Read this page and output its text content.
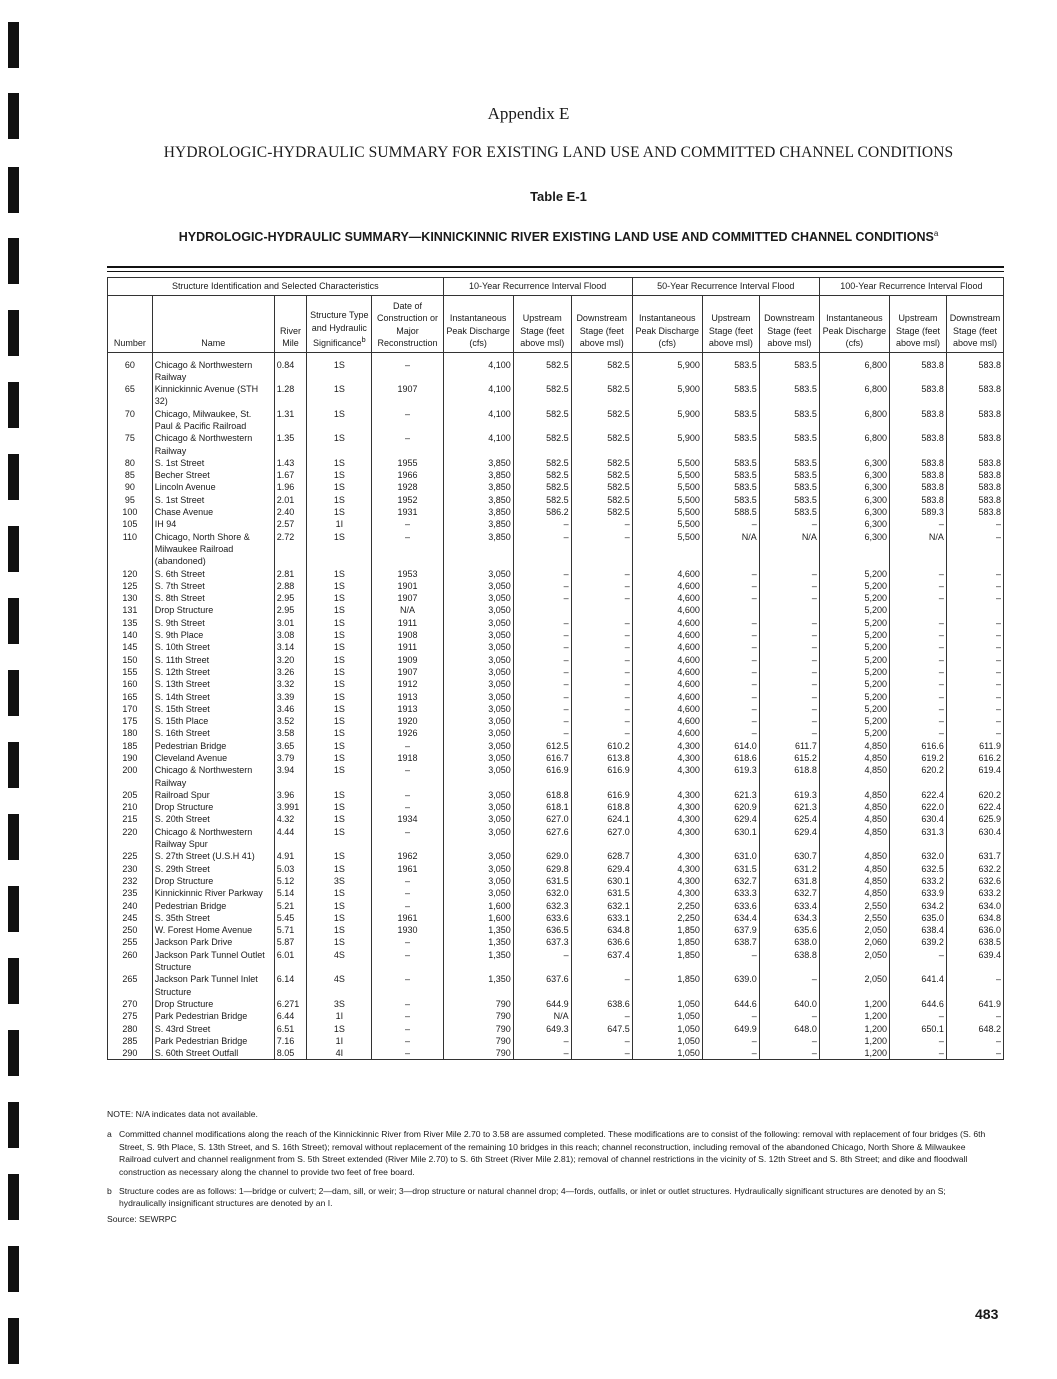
Appendix E
HYDROLOGIC-HYDRAULIC SUMMARY FOR EXISTING LAND USE AND COMMITTED CHANNEL CONDITIONS
Table E-1
HYDROLOGIC-HYDRAULIC SUMMARY—KINNICKINNIC RIVER EXISTING LAND USE AND COMMITTED CHANNEL CONDITIONS$^a$
Structure Identification and Selected Characteristics					10-Year Recurrence Interval Flood			50-Year Recurrence Interval Flood			100-Year Recurrence Interval Flood		
Number	Name	River Mile	Structure Type and Hydraulic Significance$^b$	Date of Construction or Major Reconstruction	Instantaneous Peak Discharge (cfs)	Upstream Stage (feet above msl)	Downstream Stage (feet above msl)	Instantaneous Peak Discharge (cfs)	Upstream Stage (feet above msl)	Downstream Stage (feet above msl)	Instantaneous Peak Discharge (cfs)	Upstream Stage (feet above msl)	Downstream Stage (feet above msl)
60	Chicago & Northwestern Railway	0.84	1S	–	4,100	582.5	582.5	5,900	583.5	583.5	6,800	583.8	583.8
65	Kinnickinnic Avenue (STH 32)	1.28	1S	1907	4,100	582.5	582.5	5,900	583.5	583.5	6,800	583.8	583.8
70	Chicago, Milwaukee, St. Paul & Pacific Railroad	1.31	1S	–	4,100	582.5	582.5	5,900	583.5	583.5	6,800	583.8	583.8
75	Chicago & Northwestern Railway	1.35	1S	–	4,100	582.5	582.5	5,900	583.5	583.5	6,800	583.8	583.8
80	S. 1st Street	1.43	1S	1955	3,850	582.5	582.5	5,500	583.5	583.5	6,300	583.8	583.8
85	Becher Street	1.67	1S	1966	3,850	582.5	582.5	5,500	583.5	583.5	6,300	583.8	583.8
90	Lincoln Avenue	1.96	1S	1928	3,850	582.5	582.5	5,500	583.5	583.5	6,300	583.8	583.8
95	S. 1st Street	2.01	1S	1952	3,850	582.5	582.5	5,500	583.5	583.5	6,300	583.8	583.8
100	Chase Avenue	2.40	1S	1931	3,850	586.2	582.5	5,500	588.5	583.5	6,300	589.3	583.8
105	IH 94	2.57	1I	–	3,850	–	–	5,500	–	–	6,300	–	–
110	Chicago, North Shore & Milwaukee Railroad (abandoned)	2.72	1S	–	3,850	–	–	5,500	N/A	N/A	6,300	N/A	–
120	S. 6th Street	2.81	1S	1953	3,050	–	–	4,600	–	–	5,200	–	–
125	S. 7th Street	2.88	1S	1901	3,050	–	–	4,600	–	–	5,200	–	–
130	S. 8th Street	2.95	1S	1907	3,050	–	–	4,600	–	–	5,200	–	–
131	Drop Structure	2.95	1S	N/A	3,050			4,600			5,200		
135	S. 9th Street	3.01	1S	1911	3,050	–	–	4,600	–	–	5,200	–	–
140	S. 9th Place	3.08	1S	1908	3,050	–	–	4,600	–	–	5,200	–	–
145	S. 10th Street	3.14	1S	1911	3,050	–	–	4,600	–	–	5,200	–	–
150	S. 11th Street	3.20	1S	1909	3,050	–	–	4,600	–	–	5,200	–	–
155	S. 12th Street	3.26	1S	1907	3,050	–	–	4,600	–	–	5,200	–	–
160	S. 13th Street	3.32	1S	1912	3,050	–	–	4,600	–	–	5,200	–	–
165	S. 14th Street	3.39	1S	1913	3,050	–	–	4,600	–	–	5,200	–	–
170	S. 15th Street	3.46	1S	1913	3,050	–	–	4,600	–	–	5,200	–	–
175	S. 15th Place	3.52	1S	1920	3,050	–	–	4,600	–	–	5,200	–	–
180	S. 16th Street	3.58	1S	1926	3,050	–	–	4,600	–	–	5,200	–	–
185	Pedestrian Bridge	3.65	1S	–	3,050	612.5	610.2	4,300	614.0	611.7	4,850	616.6	611.9
190	Cleveland Avenue	3.79	1S	1918	3,050	616.7	613.8	4,300	618.6	615.2	4,850	619.2	616.2
200	Chicago & Northwestern Railway	3.94	1S	–	3,050	616.9	616.9	4,300	619.3	618.8	4,850	620.2	619.4
205	Railroad Spur	3.96	1S	–	3,050	618.8	616.9	4,300	621.3	619.3	4,850	622.4	620.2
210	Drop Structure	3.991	1S	–	3,050	618.1	618.8	4,300	620.9	621.3	4,850	622.0	622.4
215	S. 20th Street	4.32	1S	1934	3,050	627.0	624.1	4,300	629.4	625.4	4,850	630.4	625.9
220	Chicago & Northwestern Railway Spur	4.44	1S	–	3,050	627.6	627.0	4,300	630.1	629.4	4,850	631.3	630.4
225	S. 27th Street (U.S.H 41)	4.91	1S	1962	3,050	629.0	628.7	4,300	631.0	630.7	4,850	632.0	631.7
230	S. 29th Street	5.03	1S	1961	3,050	629.8	629.4	4,300	631.5	631.2	4,850	632.5	632.2
232	Drop Structure	5.12	3S	–	3,050	631.5	630.1	4,300	632.7	631.8	4,850	633.2	632.6
235	Kinnickinnic River Parkway	5.14	1S	–	3,050	632.0	631.5	4,300	633.3	632.7	4,850	633.9	633.2
240	Pedestrian Bridge	5.21	1S	–	1,600	632.3	632.1	2,250	633.6	633.4	2,550	634.2	634.0
245	S. 35th Street	5.45	1S	1961	1,600	633.6	633.1	2,250	634.4	634.3	2,550	635.0	634.8
250	W. Forest Home Avenue	5.71	1S	1930	1,350	636.5	634.8	1,850	637.9	635.6	2,050	638.4	636.0
255	Jackson Park Drive	5.87	1S	–	1,350	637.3	636.6	1,850	638.7	638.0	2,060	639.2	638.5
260	Jackson Park Tunnel Outlet Structure	6.01	4S	–	1,350	–	637.4	1,850	–	638.8	2,050	–	639.4
265	Jackson Park Tunnel Inlet Structure	6.14	4S	–	1,350	637.6	–	1,850	639.0	–	2,050	641.4	–
270	Drop Structure	6.271	3S	–	790	644.9	638.6	1,050	644.6	640.0	1,200	644.6	641.9
275	Park Pedestrian Bridge	6.44	1I	–	790	N/A	–	1,050	–	–	1,200	–	–
280	S. 43rd Street	6.51	1S	–	790	649.3	647.5	1,050	649.9	648.0	1,200	650.1	648.2
285	Park Pedestrian Bridge	7.16	1I	–	790	–	–	1,050	–	–	1,200	–	–
290	S. 60th Street Outfall	8.05	4I	–	790	–	–	1,050	–	–	1,200	–	–
NOTE: N/A indicates data not available.
a Committed channel modifications along the reach of the Kinnickinnic River from River Mile 2.70 to 3.58 are assumed completed. These modifications are to consist of the following: removal with replacement of four bridges (S. 6th Street, S. 9th Place, S. 13th Street, and S. 16th Street); removal without replacement of the remaining 10 bridges in this reach; channel reconstruction, including removal of the abandoned Chicago, North Shore & Milwaukee Railroad culvert and channel realignment from S. 5th Street extended (River Mile 2.70) to S. 6th Street (River Mile 2.81); removal of channel restrictions in the vicinity of S. 12th Street and S. 8th Street; and dike and floodwall construction as necessary along the channel to provide two feet of free board.
b Structure codes are as follows: 1—bridge or culvert; 2—dam, sill, or weir; 3—drop structure or natural channel drop; 4—fords, outfalls, or inlet or outlet structures. Hydraulically significant structures are denoted by an S; hydraulically insignificant structures are denoted by an I.
Source: SEWRPC
483
